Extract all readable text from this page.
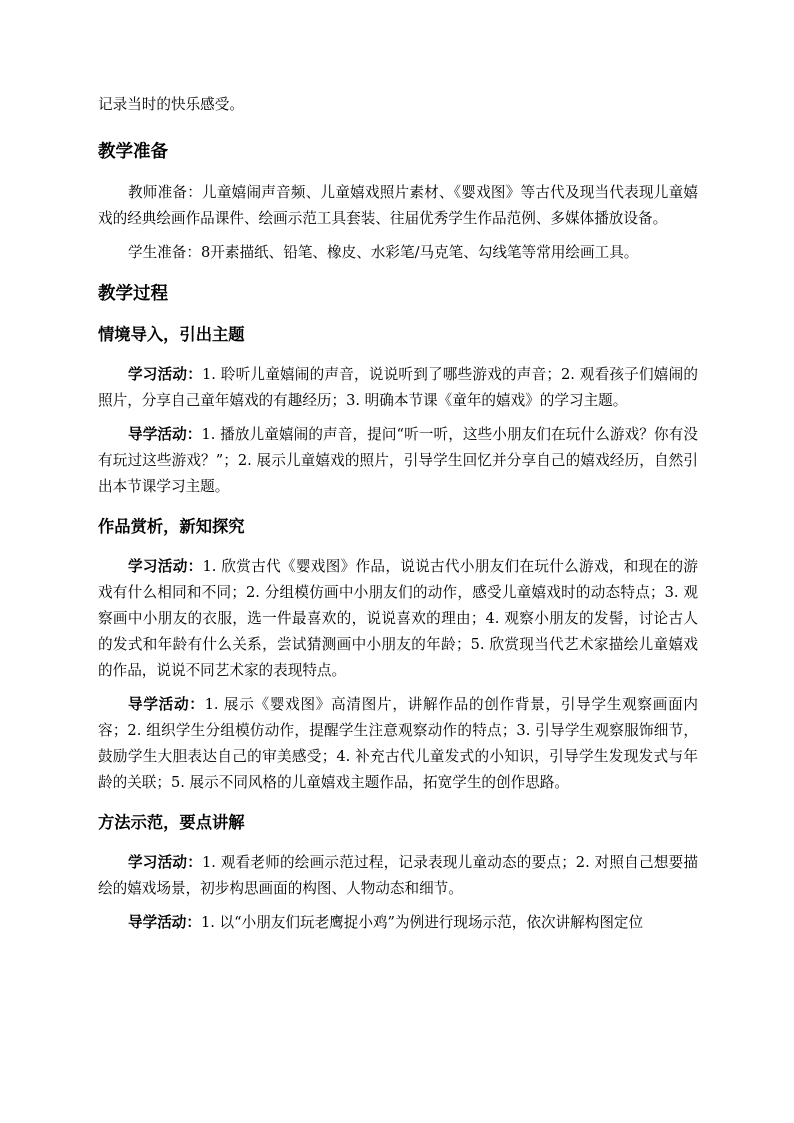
记录当时的快乐感受。

教学准备

教师准备：儿童嬉闹声音频、儿童嬉戏照片素材、《婴戏图》等古代及现当代表现儿童嬉戏的经典绘画作品课件、绘画示范工具套装、往届优秀学生作品范例、多媒体播放设备。

学生准备：8开素描纸、铅笔、橡皮、水彩笔/马克笔、勾线笔等常用绘画工具。

教学过程
情境导入，引出主题

学习活动：1. 聆听儿童嬉闹的声音，说说听到了哪些游戏的声音；2. 观看孩子们嬉闹的照片，分享自己童年嬉戏的有趣经历；3. 明确本节课《童年的嬉戏》的学习主题。

导学活动：1. 播放儿童嬉闹的声音，提问“听一听，这些小朋友们在玩什么游戏？你有没有玩过这些游戏？”；2. 展示儿童嬉戏的照片，引导学生回忆并分享自己的嬉戏经历，自然引出本节课学习主题。

作品赏析，新知探究

学习活动：1. 欣赏古代《婴戏图》作品，说说古代小朋友们在玩什么游戏，和现在的游戏有什么相同和不同；2. 分组模仿画中小朋友们的动作，感受儿童嬉戏时的动态特点；3. 观察画中小朋友的衣服，选一件最喜欢的，说说喜欢的理由；4. 观察小朋友的发髻，讨论古人的发式和年龄有什么关系，尝试猜测画中小朋友的年龄；5. 欣赏现当代艺术家描绘儿童嬉戏的作品，说说不同艺术家的表现特点。

导学活动：1. 展示《婴戏图》高清图片，讲解作品的创作背景，引导学生观察画面内容；2. 组织学生分组模仿动作，提醒学生注意观察动作的特点；3. 引导学生观察服饰细节，鼓励学生大胆表达自己的审美感受；4. 补充古代儿童发式的小知识，引导学生发现发式与年龄的关联；5. 展示不同风格的儿童嬉戏主题作品，拓宽学生的创作思路。

方法示范，要点讲解

学习活动：1. 观看老师的绘画示范过程，记录表现儿童动态的要点；2. 对照自己想要描绘的嬉戏场景，初步构思画面的构图、人物动态和细节。

导学活动：1. 以“小朋友们玩老鹰捉小鸡”为例进行现场示范，依次讲解构图定位
